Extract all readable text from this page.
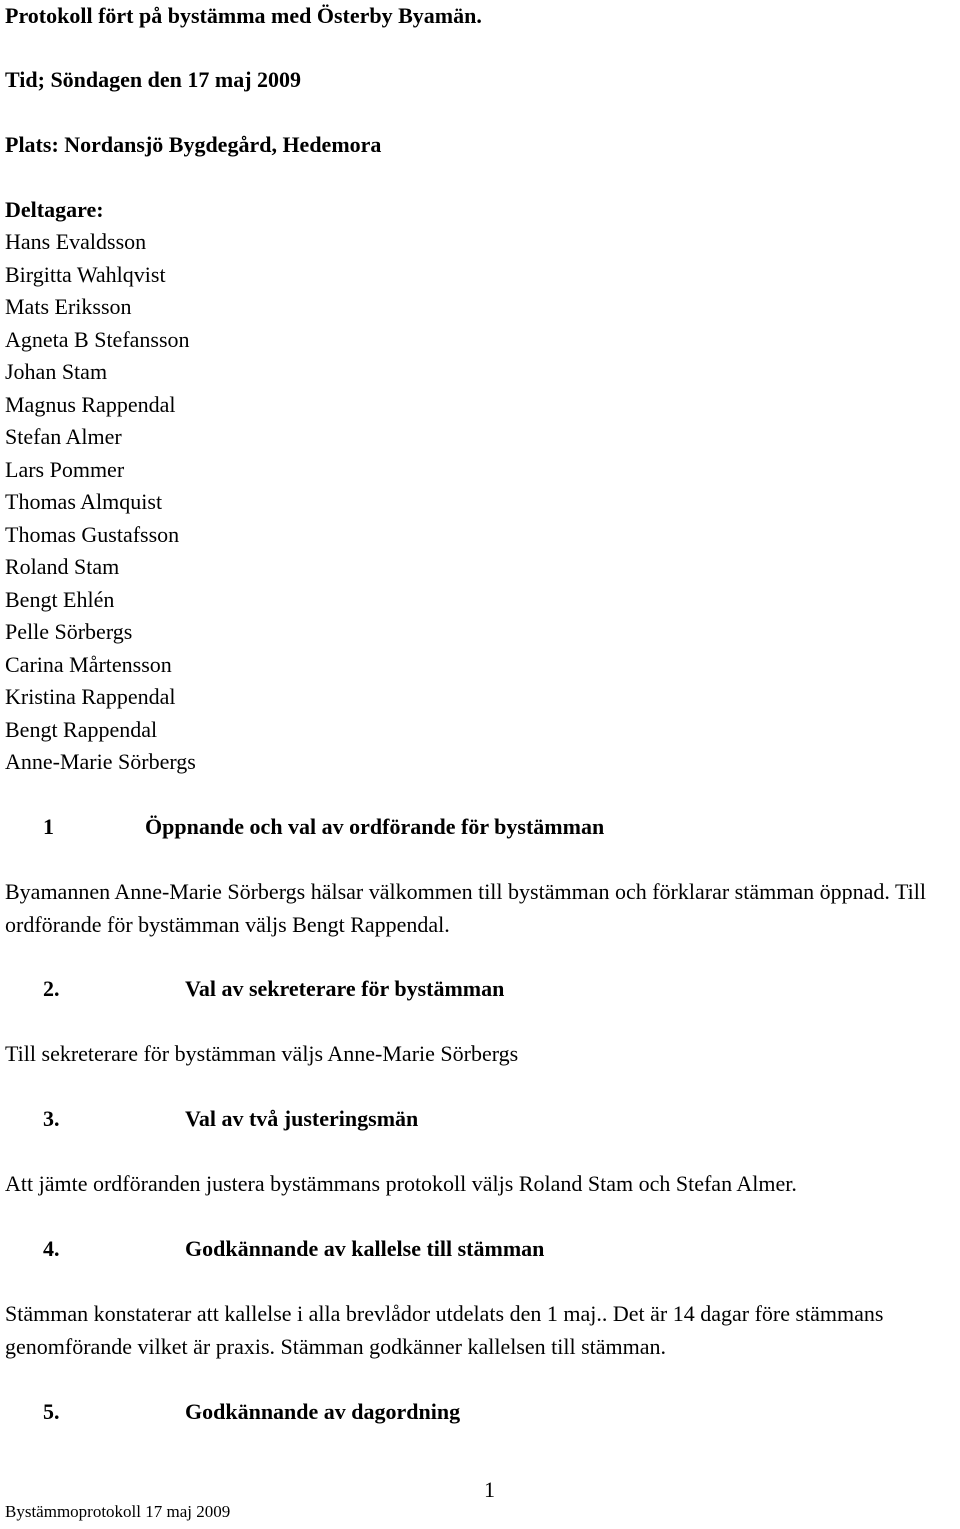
Protokoll fört på bystämma med Österby Byamän.
Tid; Söndagen den 17 maj 2009
Plats: Nordansjö Bygdegård, Hedemora
Deltagare:
Hans Evaldsson
Birgitta Wahlqvist
Mats Eriksson
Agneta B Stefansson
Johan Stam
Magnus Rappendal
Stefan Almer
Lars Pommer
Thomas Almquist
Thomas Gustafsson
Roland Stam
Bengt Ehlén
Pelle Sörbergs
Carina Mårtensson
Kristina Rappendal
Bengt Rappendal
Anne-Marie Sörbergs
1	Öppnande och val av ordförande för bystämman
Byamannen Anne-Marie Sörbergs hälsar välkommen till bystämman och förklarar stämman öppnad. Till ordförande för bystämman väljs Bengt Rappendal.
2.	Val av sekreterare för bystämman
Till sekreterare för bystämman väljs Anne-Marie Sörbergs
3.	Val av två justeringsmän
Att jämte ordföranden justera bystämmans protokoll väljs Roland Stam och Stefan Almer.
4.	Godkännande av kallelse till stämman
Stämman konstaterar att kallelse i alla brevlådor utdelats den 1 maj.. Det är 14 dagar före stämmans genomförande vilket är praxis. Stämman godkänner kallelsen till stämman.
5.	Godkännande av dagordning
1
Bystämmoprotokoll 17 maj 2009
